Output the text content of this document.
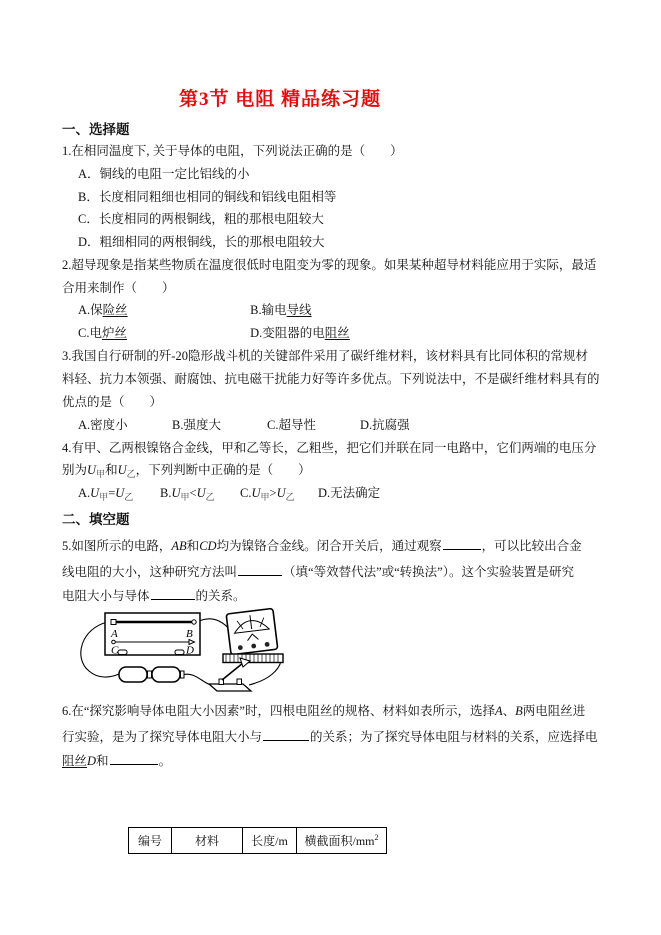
第3节 电阻 精品练习题
一、选择题
1.在相同温度下, 关于导体的电阻，下列说法正确的是（　　）
A．铜线的电阻一定比铝线的小
B．长度相同粗细也相同的铜线和铝线电阻相等
C．长度相同的两根铜线，粗的那根电阻较大
D．粗细相同的两根铜线，长的那根电阻较大
2.超导现象是指某些物质在温度很低时电阻变为零的现象。如果某种超导材料能应用于实际，最适
合用来制作（　　）
A.保险丝	B.输电导线
C.电炉丝	D.变阻器的电阻丝
3.我国自行研制的歼-20隐形战斗机的关键部件采用了碳纤维材料，该材料具有比同体积的常规材
料轻、抗力本领强、耐腐蚀、抗电磁干扰能力好等许多优点。下列说法中，不是碳纤维材料具有的
优点的是（　　）
A.密度小	B.强度大	C.超导性	D.抗腐强
4.有甲、乙两根镍铬合金线，甲和乙等长，乙粗些，把它们并联在同一电路中，它们两端的电压分
别为$U_甲$和$U_乙$，下列判断中正确的是（　　）
$A.U_甲=U_乙$ $B.U_甲<U_乙$ $C.U_甲>U_乙$ D.无法确定
二、填空题
5.如图所示的电路，AB和CD均为镍铬合金线。闭合开关后，通过观察	，可以比较出合金
线电阻的大小，这种研究方法叫	（填“等效替代法”或“转换法”）。这个实验装置是研究
电阻大小与导体	的关系。
A	B
C	D
6.在“探究影响导体电阻大小因素”时，四根电阻丝的规格、材料如表所示，选择A、B两电阻丝进
行实验，是为了探究导体电阻大小与	的关系；为了探究导体电阻与材料的关系，应选择电
阻丝D和	。
编号	材料	长度/m	横截面积$/mm^2$
